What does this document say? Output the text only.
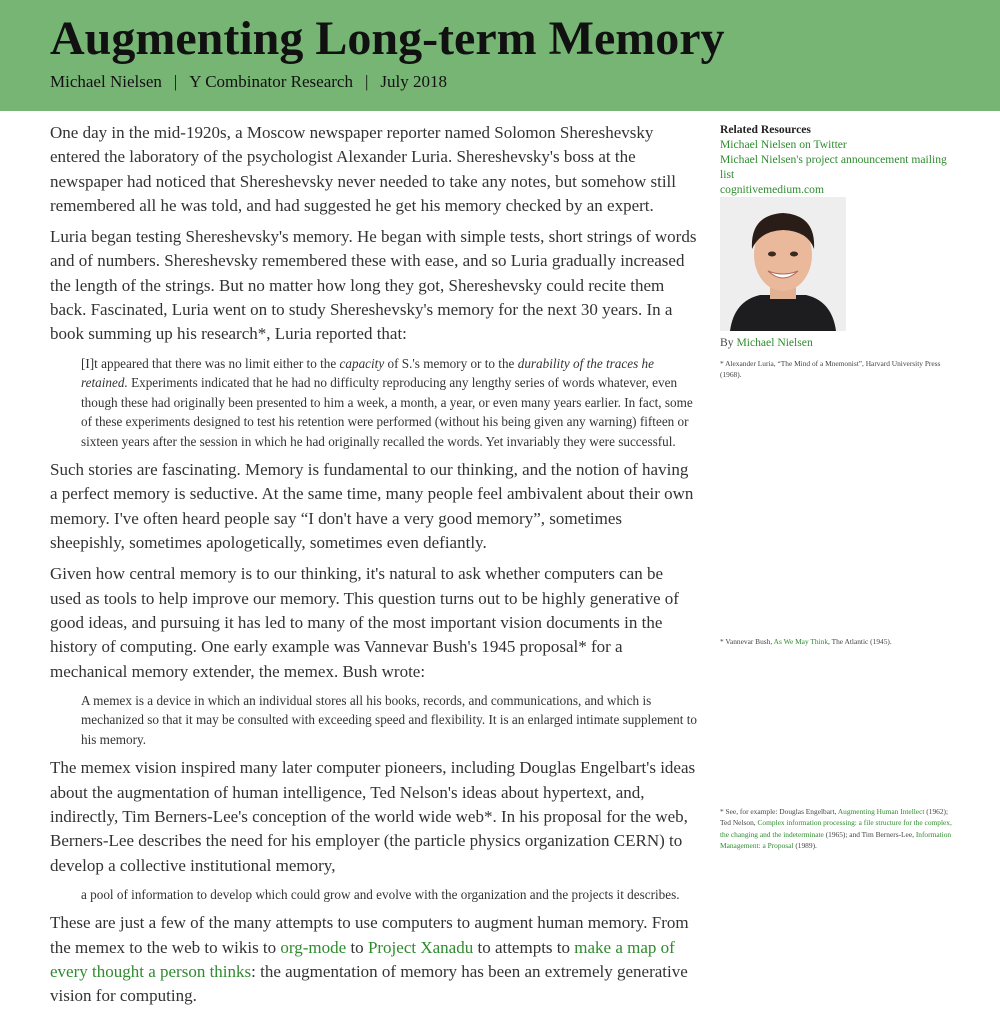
Augmenting Long-term Memory
Michael Nielsen | Y Combinator Research | July 2018

One day in the mid-1920s, a Moscow newspaper reporter named Solomon Shereshevsky entered the laboratory of the psychologist Alexander Luria. Shereshevsky's boss at the newspaper had noticed that Shereshevsky never needed to take any notes, but somehow still remembered all he was told, and had suggested he get his memory checked by an expert.

Luria began testing Shereshevsky's memory. He began with simple tests, short strings of words and of numbers. Shereshevsky remembered these with ease, and so Luria gradually increased the length of the strings. But no matter how long they got, Shereshevsky could recite them back. Fascinated, Luria went on to study Shereshevsky's memory for the next 30 years. In a book summing up his research*, Luria reported that:

[I]t appeared that there was no limit either to the capacity of S.'s memory or to the durability of the traces he retained. Experiments indicated that he had no difficulty reproducing any lengthy series of words whatever, even though these had originally been presented to him a week, a month, a year, or even many years earlier. In fact, some of these experiments designed to test his retention were performed (without his being given any warning) fifteen or sixteen years after the session in which he had originally recalled the words. Yet invariably they were successful.

Such stories are fascinating. Memory is fundamental to our thinking, and the notion of having a perfect memory is seductive. At the same time, many people feel ambivalent about their own memory. I've often heard people say “I don't have a very good memory”, sometimes sheepishly, sometimes apologetically, sometimes even defiantly.

Given how central memory is to our thinking, it's natural to ask whether computers can be used as tools to help improve our memory. This question turns out to be highly generative of good ideas, and pursuing it has led to many of the most important vision documents in the history of computing. One early example was Vannevar Bush's 1945 proposal* for a mechanical memory extender, the memex. Bush wrote:

A memex is a device in which an individual stores all his books, records, and communications, and which is mechanized so that it may be consulted with exceeding speed and flexibility. It is an enlarged intimate supplement to his memory.

The memex vision inspired many later computer pioneers, including Douglas Engelbart's ideas about the augmentation of human intelligence, Ted Nelson's ideas about hypertext, and, indirectly, Tim Berners-Lee's conception of the world wide web*. In his proposal for the web, Berners-Lee describes the need for his employer (the particle physics organization CERN) to develop a collective institutional memory,

a pool of information to develop which could grow and evolve with the organization and the projects it describes.

These are just a few of the many attempts to use computers to augment human memory. From the memex to the web to wikis to org-mode to Project Xanadu to attempts to make a map of every thought a person thinks: the augmentation of memory has been an extremely generative vision for computing.

Related Resources
Michael Nielsen on Twitter
Michael Nielsen's project announcement mailing list
cognitivemedium.com
By Michael Nielsen
* Alexander Luria, “The Mind of a Mnemonist”, Harvard University Press (1968).
* Vannevar Bush, As We May Think, The Atlantic (1945).
* See, for example: Douglas Engelbart, Augmenting Human Intellect (1962); Ted Nelson, Complex information processing: a file structure for the complex, the changing and the indeterminate (1965); and Tim Berners-Lee, Information Management: a Proposal (1989).
